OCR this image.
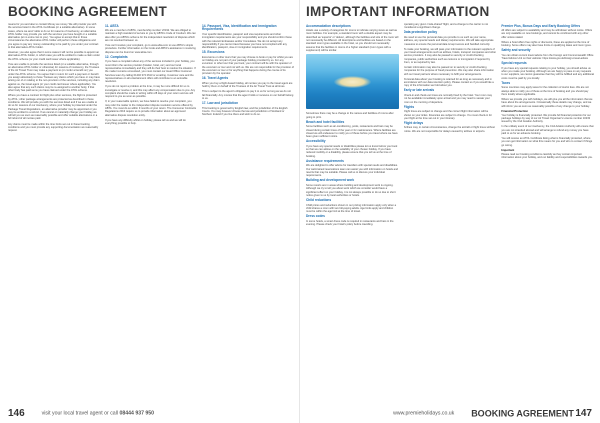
BOOKING AGREEMENT

means for you and also to contact Money as money. We will provide you with the services listed in the ATOL Certificate (or a suitable alternative). In some cases, where we aren't able to do so for reasons of insolvency, an alternative ATOL holder may provide you with the services you have bought or a suitable alternative (at no extra cost to you). You agree to accept that in those circumstances the alternative ATOL holder will perform those obligations and you agree to pay any money outstanding to be paid by you under your contract to that alternative ATOL holder.

However, you also agree that in some cases it will not be possible to appoint an alternative ATOL holder, in which case you will be entitled to make a claim under the ATOL scheme (or your credit card issuer where applicable).

If we are unable to provide the services listed (or a suitable alternative, through an alternative ATOL holder or otherwise) for reasons of insolvency, the Trustees of the Air Travel Trust may make a payment to (or confer a benefit on) you under the ATOL scheme. You agree that in return for such a payment or benefit you assign absolutely to those Trustees any claims which you have or may have arising out of or relating to the non-provision of the services, including any claim against us, the travel agent (or your credit card issuer where applicable). You also agree that any such claims may be re-assigned to another body, if that other body has paid sums you have claimed under the ATOL scheme.

Where you have a contract for flight plus other services, the flight is protected by ATOL; other package arrangements are protected as described in these conditions. We will provide you with the services listed and if we are unable to do so for reasons of our insolvency, where your holiday is protected under the Package Travel Regulations, an alternative provider may be appointed or you may be entitled to a refund. If we cancel or materially change your holiday we will tell you as soon as reasonably possible and offer suitable alternatives or a full refund of all monies paid.

Any claims must be made within the time limits set out in these booking conditions and you must provide any supporting documentation we reasonably request.

11. ABTA

We are a member of ABTA, membership number V2192. We are obliged to maintain a high standard of service to you by ABTA's Code of Conduct. We can also offer you ABTA's scheme for the independent resolution of disputes which are not resolved between us.

If we can't resolve your complaint, go to www.abta.com to use ABTA's simple procedure. Further information on the Code and ABTA's assistance in resolving disputes can be found on www.abta.com.

12. Complaints

If you have a complaint about any of the services included in your holiday, you must inform the service provider (hotelier, hotel, etc.) and our local representative immediately and they will do their best to resolve the situation. If the matter remains unresolved, you must contact our Head Office Customer Services team by calling 01202 374 2613 or emailing. Customer care and the representatives on all entertainment offers will contribute to an amicable resolution.

If you do not report a problem at the time, it may be more difficult for us to investigate or resolve it, and this may affect any compensation due to you. Any complaint should be made in writing within 28 days of your return and we will respond to you as soon as possible.

If, in your reasonable opinion, we have failed to resolve your complaint, you may refer the matter to the independent dispute resolution service offered by ABTA. You must do so within 9 months of your return. The Consumer Contracts Regulations 2013 require us to provide information about an approved alternative dispute resolution entity.

If you have any difficulty whilst on holiday, please tell us and we will do everything possible to help.

14. Passport, Visa, Identification and Immigration Requirements

Your specific identification, passport and visa requirements and other immigration requirements are your responsibility and you should confirm these with the relevant Embassies and/or Consulates. We do not accept any responsibility if you cannot travel because you have not complied with any identification, passport, visa or immigration requirements.

15. Excursions

Excursions or other tours that you may choose to book or pay for whilst you are on holiday are not part of your package holiday provided by us. For any excursion or other tour that you book, your contract will be with the operator of the excursion or tour and not with us. We are not responsible for the provision of the excursion or tour or for anything that happens during the course of its provision by the operator.

16. Travel Agents

When you buy a flight-based holiday, all monies you pay to the travel agent are held by them on behalf of the Trustees of the Air Travel Trust at all times.

This is subject to the agent's obligation to pay it to us for so long as we do not fail financially. Any monies that the agent holds or receives on our behalf belong to us.

17. Law and jurisdiction

This booking is governed by English law, and the jurisdiction of the English Courts. You may however choose the law and jurisdiction of Scotland or Northern Ireland if you live there and wish to do so.

146	visit your local travel agent or call 08444 937 950
IMPORTANT INFORMATION
Accommodation descriptions

Hotels use a variety of categories for rooms to indicate varying views as well as room facilities. For example, a standard room with a double aspect may be described as 'superior' or 'deluxe', although the facilities and size of the room will not necessarily be different. All descriptions and facilities are based on the standard room types available in the hotel, so you should not necessarily assume that the facilities in rooms of a higher standard (room types with a supplement) will be similar.

Sometimes there may be a change to the names and facilities of rooms after going to print.

Beach and hotel facilities

Some facilities such as air-conditioning, pools, restaurants and bars may be closed during certain times of the year or for maintenance. Where facilities are closed we will endeavour to notify you of these before you travel where we have been given sufficient notice.

Accessibility

If you have any special needs or disabilities please let us know before you book so that we can advise on the suitability of your chosen holiday. If you have reduced mobility or a disability, please ensure that you tell us at the time of booking.

Assistance requirements

We are delighted to offer advice for travellers with special needs and disabilities. Our well-trained reservations team can assist you with information on hotels and resorts that may be suitable. Please call us to discuss your individual requirements.

Building and development work

Some resorts are in areas where building and development work is ongoing. Although we try to tell you about work which we consider would have a significant effect on your holiday, it is not always possible to do so due to short notice given to us by local authorities or hotels.

Child reductions

Child prices and reductions shown in our pricing information apply only when a child shares a room with two full-paying adults. Age limits apply and children must be within the age limit at the time of travel.

Dress codes

In some hotels, a smart dress code is required in restaurants and bars in the evening. Please check your hotel's policy before travelling.

operating any given 'code-shared' flight, and a change to the carrier is not considered a significant change.

Data protection policy

We need to use the personal data you provide to us such as your name, address, any special needs and dietary requirements. We will take appropriate measures to ensure the personal data is kept secure and handled correctly.

To make your booking, we will pass your information to the relevant suppliers of your travel arrangements such as airlines, hotels, transport companies and other service providers. It may also be passed to security or credit checking companies, public authorities such as customs or immigration if required by them, or as required by law.

Certain information may also be passed on to security or credit checking companies for the purpose of fraud prevention. We may also share information with our travel partners where necessary to fulfil your arrangements.

Personal data about your booking is retained for as long as necessary and in accordance with our data retention policy. Please contact us if you would like a copy of the information we hold about you.

Early or late arrivals

Check-in and check-out times are normally fixed by the hotel. Your room may not be available immediately upon arrival and you may need to vacate your room on the morning of departure.

Flights

Flight times are subject to change and the correct flight information will be shown on your ticket. Itineraries are subject to change. You must check-in for your flight at the time set out in your itinerary.

Flight delays

Airlines may, in certain circumstances, change the aircraft or flight times without notice. We are not responsible for delays caused by airlines or airports.

Premier Plus, Bonus Days and Early Booking Offers

All offers are subject to availability and may be withdrawn without notice. Offers are only available on new bookings, and cannot be combined with any other offer unless stated.

Where a hotel offers free nights or discounts, these are applied at the time of booking. Some offers may also have limits on qualifying dates and room types.

Safety and security

You can obtain current travel advice from the Foreign and Commonwealth Office Travel Advice Unit on their website: https://www.gov.uk/foreign-travel-advice

Special requests

If you have any special requests relating to your holiday, you should advise us when you make your booking. Although we are happy to pass on any requests to our suppliers, we cannot guarantee that they will be fulfilled and any additional costs must be paid by you locally.

Taxes

Some countries may apply taxes for the collection of tourist fees. We are not always able to notify you of these at the time of booking and you should pay them locally where applicable.

Where we provide you with holidays, we will give you all the information that we have about the arrangements. Occasionally these details may change, and we will inform you as soon as reasonably possible of any change to your holiday.

Financial Protection

Your holiday is financially protected. We provide full financial protection for our package holidays by way of our Air Travel Organiser's Licence number 10233 issued by the Civil Aviation Authority.

In the unlikely event of our insolvency, the Civil Aviation Authority will ensure that you are not stranded abroad and will arrange to refund any money you have paid to us for an advance booking.

You will receive an ATOL Certificate listing what is financially protected, where you can get information on what this means for you and who to contact if things go wrong.

Important

Please read our booking conditions carefully as they contain important information about your holiday, and our liability and responsibilities towards you.

www.premieholidays.co.uk BOOKING AGREEMENT 147
